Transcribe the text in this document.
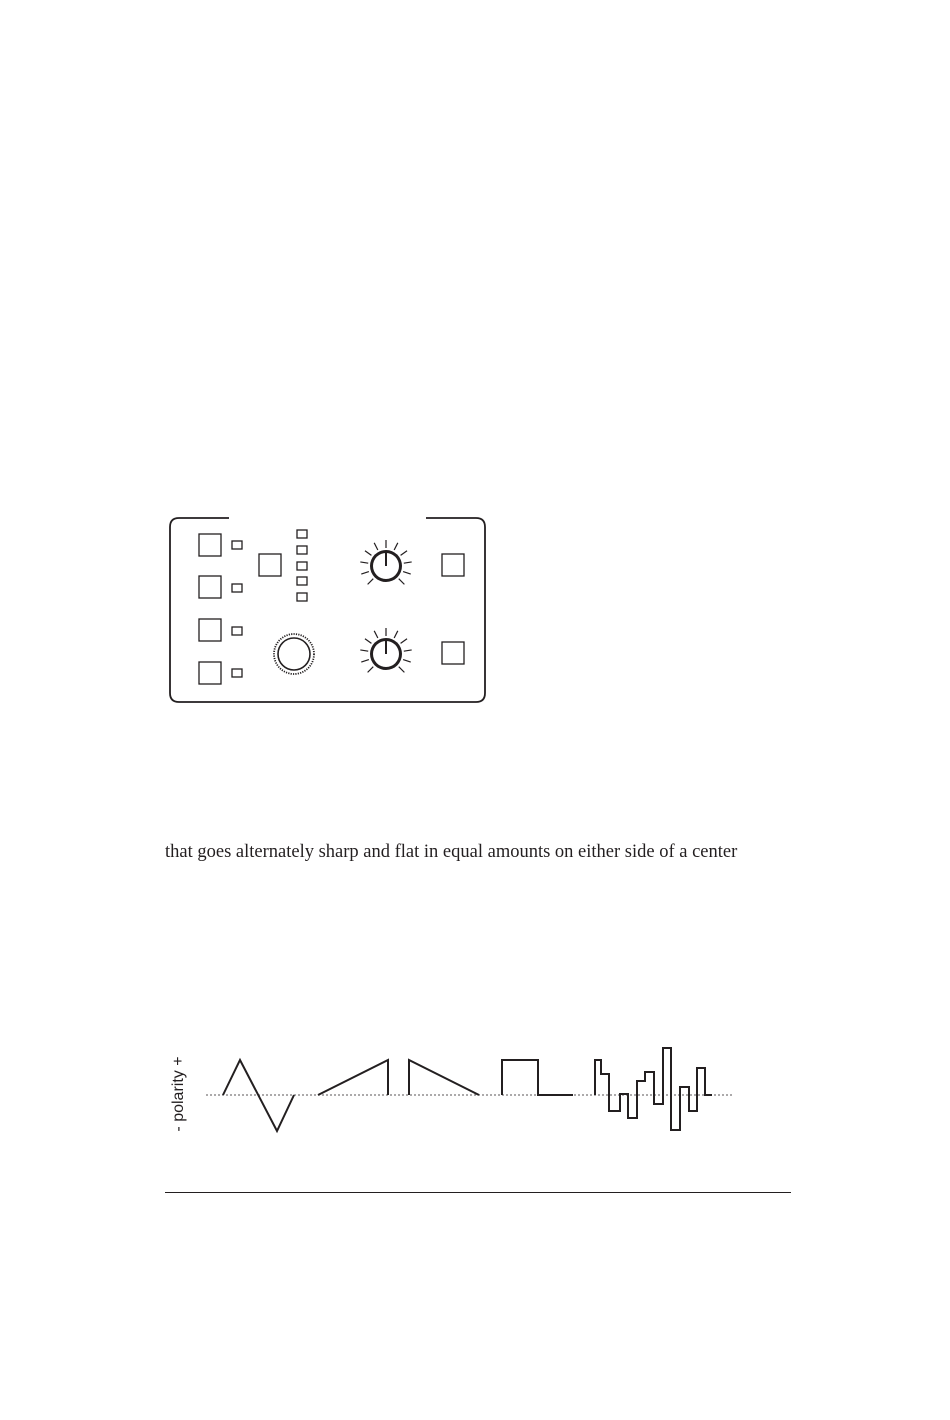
that goes alternately sharp and flat in equal amounts on either side of a center

- polarity +
